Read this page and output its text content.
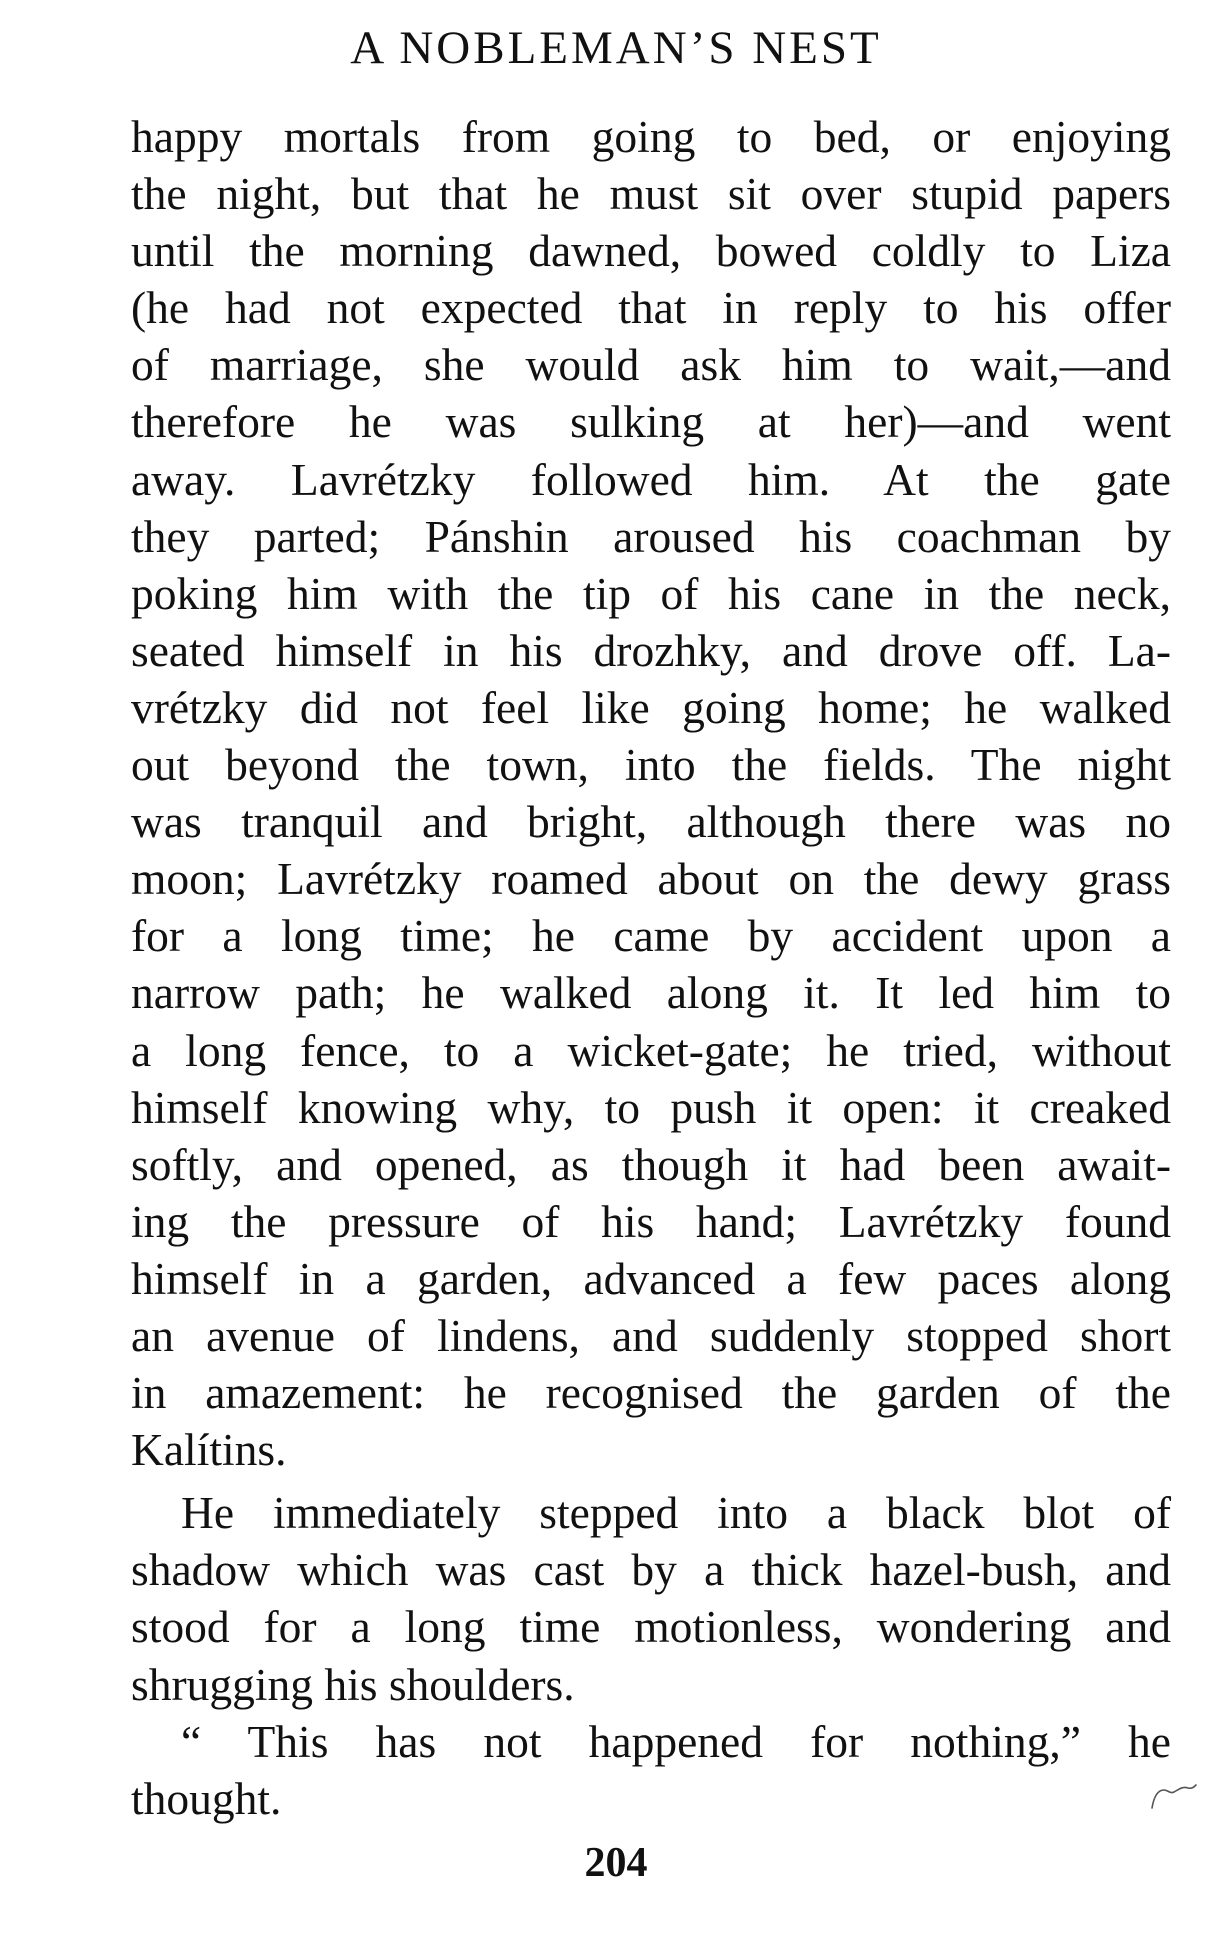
A NOBLEMAN’S NEST
happy mortals from going to bed, or enjoying
the night, but that he must sit over stupid papers
until the morning dawned, bowed coldly to Liza
(he had not expected that in reply to his offer
of marriage, she would ask him to wait,—and
therefore he was sulking at her)—and went
away. Lavrétzky followed him. At the gate
they parted; Pánshin aroused his coachman by
poking him with the tip of his cane in the neck,
seated himself in his drozhky, and drove off. La-
vrétzky did not feel like going home; he walked
out beyond the town, into the fields. The night
was tranquil and bright, although there was no
moon; Lavrétzky roamed about on the dewy grass
for a long time; he came by accident upon a
narrow path; he walked along it. It led him to
a long fence, to a wicket-gate; he tried, without
himself knowing why, to push it open: it creaked
softly, and opened, as though it had been await-
ing the pressure of his hand; Lavrétzky found
himself in a garden, advanced a few paces along
an avenue of lindens, and suddenly stopped short
in amazement: he recognised the garden of the
Kalítins.
He immediately stepped into a black blot of
shadow which was cast by a thick hazel-bush, and
stood for a long time motionless, wondering and
shrugging his shoulders.
“ This has not happened for nothing,” he
thought.
204
